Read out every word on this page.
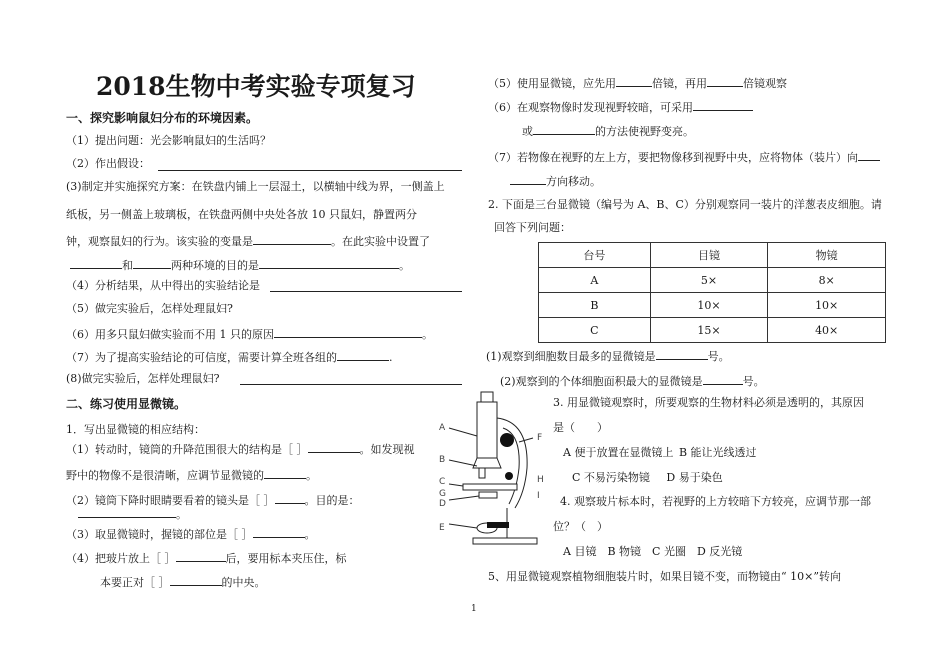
2018生物中考实验专项复习
一、探究影响鼠妇分布的环境因素。
（1）提出问题：光会影响鼠妇的生活吗？
（2）作出假设：
(3)制定并实施探究方案：在铁盘内铺上一层湿土，以横轴中线为界，一侧盖上
纸板，另一侧盖上玻璃板，在铁盘两侧中央处各放 10 只鼠妇，静置两分
钟，观察鼠妇的行为。该实验的变量是	。在此实验中设置了
和	两种环境的目的是	。
（4）分析结果，从中得出的实验结论是
（5）做完实验后，怎样处理鼠妇?
（6）用多只鼠妇做实验而不用 1 只的原因	。
（7）为了提高实验结论的可信度，需要计算全班各组的	.
(8)做完实验后，怎样处理鼠妇?
二、练习使用显微镜。
1．写出显微镜的相应结构：
（1）转动时，镜筒的升降范围很大的结构是［ ］	。如发现视
野中的物像不是很清晰，应调节显微镜的	。
（2）镜筒下降时眼睛要看着的镜头是［ ］	。目的是：
。
（3）取显微镜时，握镜的部位是［ ］	。
（4）把玻片放上［ ］	后，要用标本夹压住，标
本要正对［ ］	的中央。
A
B
C
G
D
E
F
H
I
（5）使用显微镜，应先用	倍镜，再用	倍镜观察
（6）在观察物像时发现视野较暗，可采用
或	的方法使视野变亮。
（7）若物像在视野的左上方，要把物像移到视野中央，应将物体（装片）向
方向移动。
2. 下面是三台显微镜（编号为 A、B、C）分别观察同一装片的洋葱表皮细胞。请
回答下列问题：
台号	目镜	物镜
A	5×	8×
B	10×	10×
C	15×	40×
(1)观察到细胞数目最多的显微镜是	号。
(2)观察到的个体细胞面积最大的显微镜是	号。
3. 用显微镜观察时，所要观察的生物材料必须是透明的，其原因
是（　　）
A 便于放置在显微镜上  B 能让光线透过
C 不易污染物镜   D 易于染色
4. 观察玻片标本时，若视野的上方较暗下方较亮，应调节那一部
位？（　）
A 目镜  B 物镜  C 光圈  D 反光镜
5、用显微镜观察植物细胞装片时，如果目镜不变，而物镜由“ 10×”转向
1
